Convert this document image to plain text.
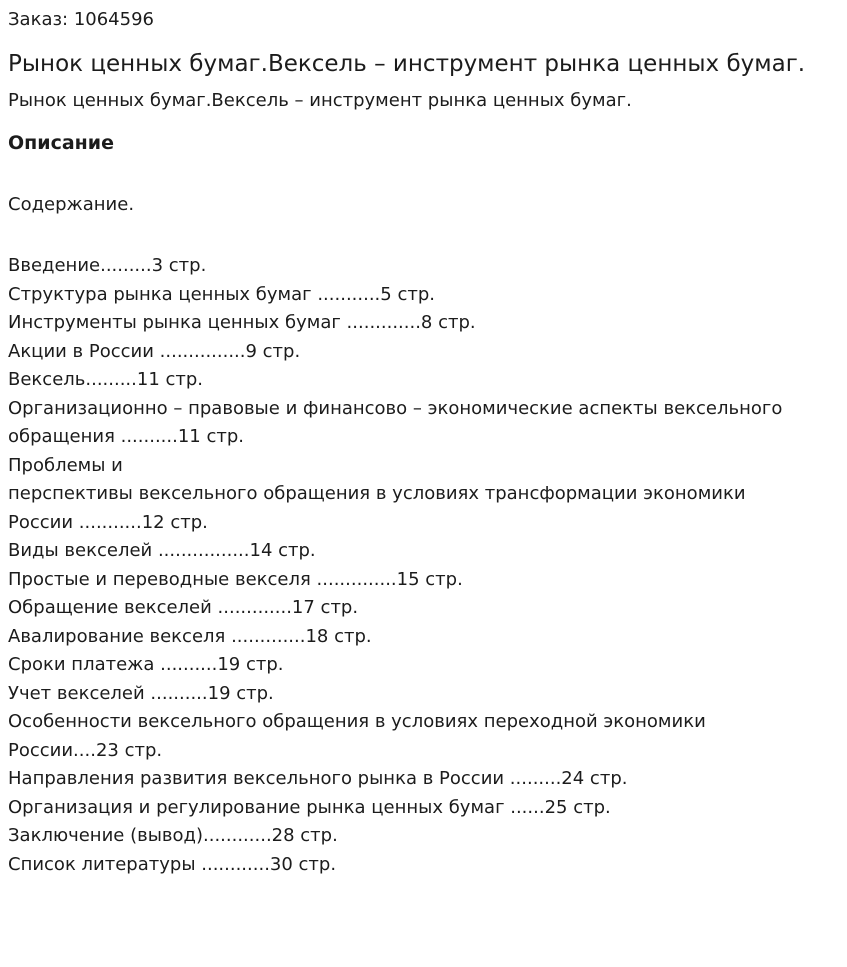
Заказ: 1064596

Рынок ценных бумаг.Вексель – инструмент рынка ценных бумаг.

Рынок ценных бумаг.Вексель – инструмент рынка ценных бумаг.

Описание

Содержание.

Введение.........3 стр.
Структура рынка ценных бумаг ...........5 стр.
Инструменты рынка ценных бумаг .............8 стр.
Акции в России ...............9 стр.
Вексель.........11 стр.
Организационно – правовые и финансово – экономические аспекты вексельного
обращения ..........11 стр.
Проблемы и
перспективы вексельного обращения в условиях трансформации экономики
России ...........12 стр.
Виды векселей ................14 стр.
Простые и переводные векселя ..............15 стр.
Обращение векселей .............17 стр.
Авалирование векселя .............18 стр.
Сроки платежа ..........19 стр.
Учет векселей ..........19 стр.
Особенности вексельного обращения в условиях переходной экономики
России....23 стр.
Направления развития вексельного рынка в России .........24 стр.
Организация и регулирование рынка ценных бумаг ......25 стр.
Заключение (вывод)............28 стр.
Список литературы ............30 стр.
